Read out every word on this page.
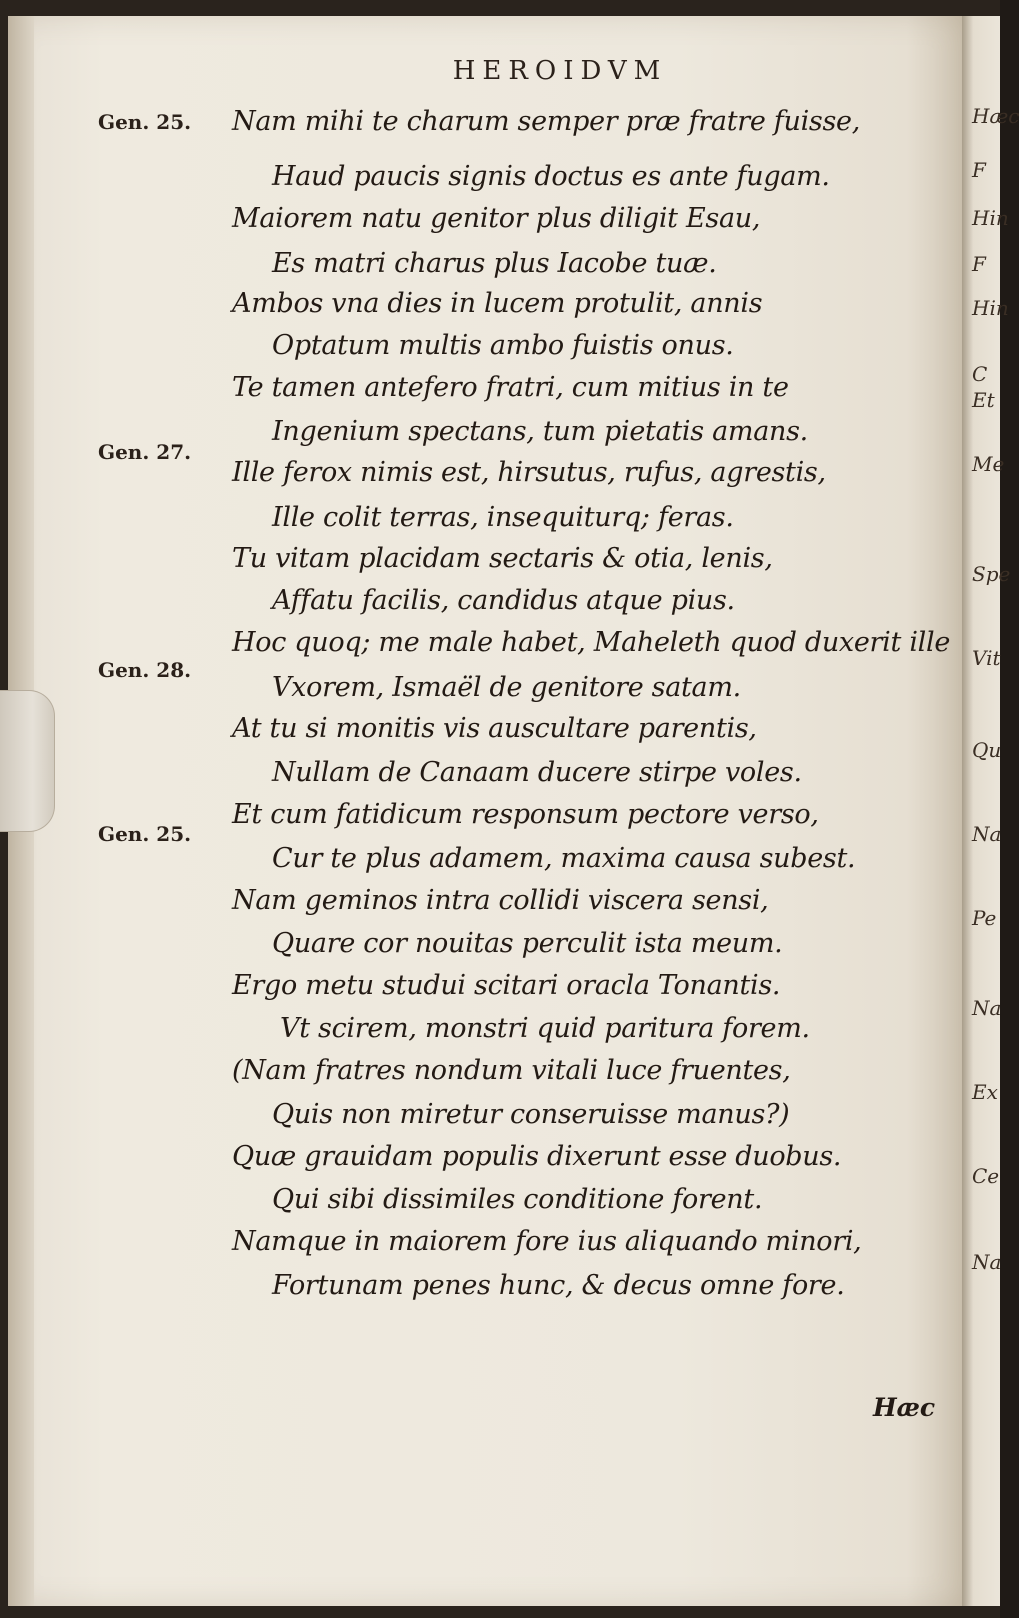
Hæc
F
Hin
F
Hin
C
Et
Me
Spe
Vit
Qu
Na
Pe
Na
Ex
Ce
Na
HEROIDVM
Gen. 25.
Gen. 27.
Gen. 28.
Gen. 25.
Nam mihi te charum semper præ fratre fuisse,
Haud paucis signis doctus es ante fugam.
Maiorem natu genitor plus diligit Esau,
Es matri charus plus Iacobe tuæ.
Ambos vna dies in lucem protulit, annis
Optatum multis ambo fuistis onus.
Te tamen antefero fratri, cum mitius in te
Ingenium spectans, tum pietatis amans.
Ille ferox nimis est, hirsutus, rufus, agrestis,
Ille colit terras, insequiturq; feras.
Tu vitam placidam sectaris & otia, lenis,
Affatu facilis, candidus atque pius.
Hoc quoq; me male habet, Maheleth quod duxerit ille
Vxorem, Ismaël de genitore satam.
At tu si monitis vis auscultare parentis,
Nullam de Canaam ducere stirpe voles.
Et cum fatidicum responsum pectore verso,
Cur te plus adamem, maxima causa subest.
Nam geminos intra collidi viscera sensi,
Quare cor nouitas perculit ista meum.
Ergo metu studui scitari oracla Tonantis.
Vt scirem, monstri quid paritura forem.
(Nam fratres nondum vitali luce fruentes,
Quis non miretur conseruisse manus?)
Quæ grauidam populis dixerunt esse duobus.
Qui sibi dissimiles conditione forent.
Namque in maiorem fore ius aliquando minori,
Fortunam penes hunc, & decus omne fore.
Hæc
